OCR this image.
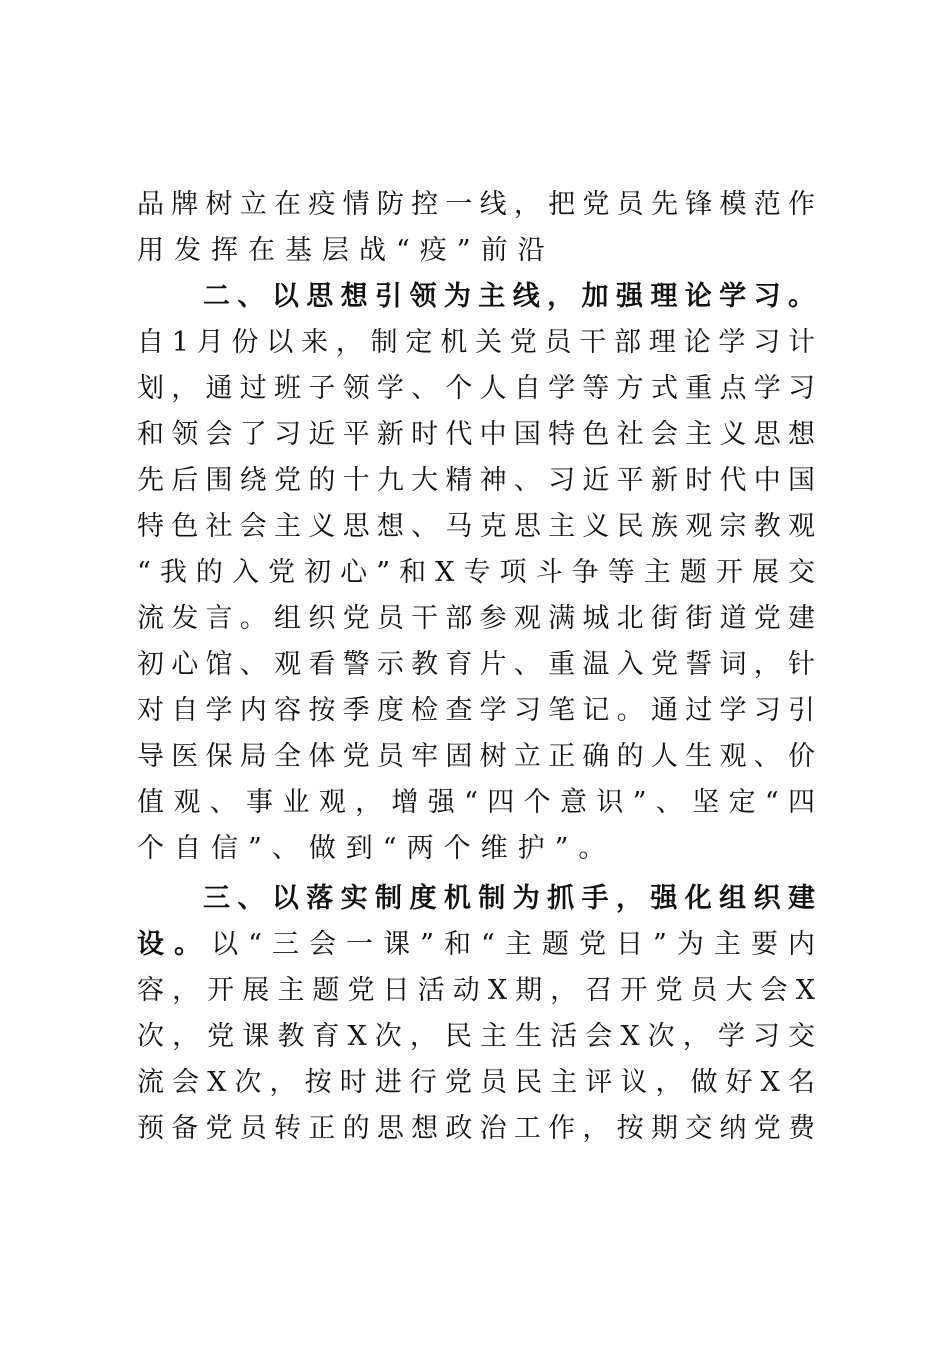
品牌树立在疫情防控一线，把党员先锋模范作
用发挥在基层战“疫”前沿
二、以思想引领为主线，加强理论学习。
自1月份以来，制定机关党员干部理论学习计
划，通过班子领学、个人自学等方式重点学习
和领会了习近平新时代中国特色社会主义思想
先后围绕党的十九大精神、习近平新时代中国
特色社会主义思想、马克思主义民族观宗教观
“我的入党初心”和X专项斗争等主题开展交
流发言。组织党员干部参观满城北街街道党建
初心馆、观看警示教育片、重温入党誓词，针
对自学内容按季度检查学习笔记。通过学习引
导医保局全体党员牢固树立正确的人生观、价
值观、事业观，增强“四个意识”、坚定“四
个自信”、做到“两个维护”。
三、以落实制度机制为抓手，强化组织建
设。以“三会一课”和“主题党日”为主要内
容，开展主题党日活动X期，召开党员大会X
次，党课教育X次，民主生活会X次，学习交
流会X次，按时进行党员民主评议，做好X名
预备党员转正的思想政治工作，按期交纳党费
